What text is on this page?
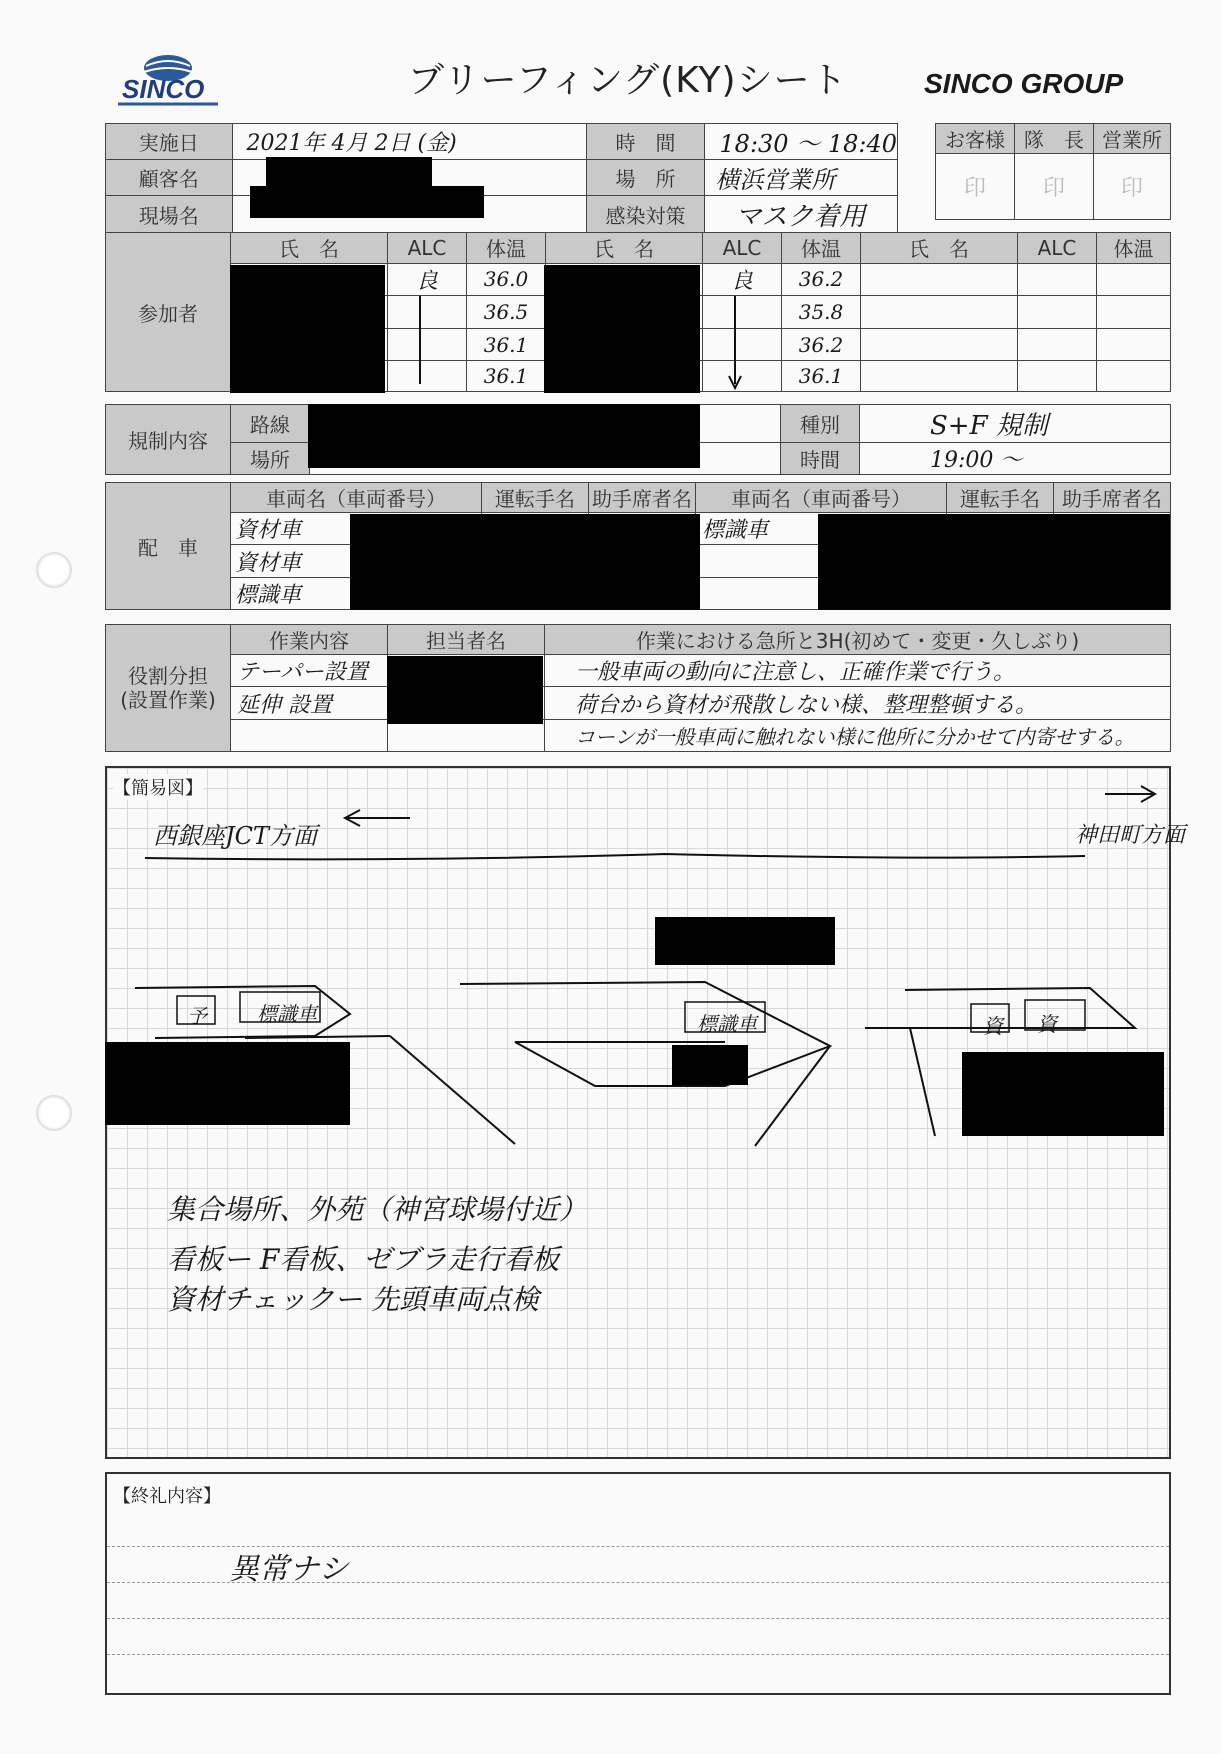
SINCO	ブリーフィング(KY)シート	SINCO GROUP
実施日	2021年 4月 2日 (金)	時　間	18:30 〜 18:40
顧客名		場　所	横浜営業所
現場名		感染対策	マスク着用
お客様	隊　長	営業所
印	印	印
参加者	氏　名	ALC	体温	氏　名	ALC	体温	氏　名	ALC	体温
		良	36.0		良	36.2			
			36.5			35.8			
			36.1			36.2			
			36.1			36.1			
規制内容	路線		種別	S+F 規制
	場所		時間	19:00 〜
配　車	車両名（車両番号）	運転手名	助手席者名	車両名（車両番号）	運転手名	助手席者名
	資材車			標識車		
	資材車					
	標識車					
役割分担
(設置作業)	作業内容	担当者名	作業における急所と3H(初めて・変更・久しぶり)
	テーパー設置		一般車両の動向に注意し、正確作業で行う。
	延伸 設置		荷台から資材が飛散しない様、整理整頓する。
			コーンが一般車両に触れない様に他所に分かせて内寄せする。
【簡易図】
西銀座JCT方面	神田町方面
予	標識車	標識車	資 資
集合場所、外苑（神宮球場付近）
看板ー F看板、ゼブラ走行看板
資材チェックー 先頭車両点検
【終礼内容】
異常ナシ
